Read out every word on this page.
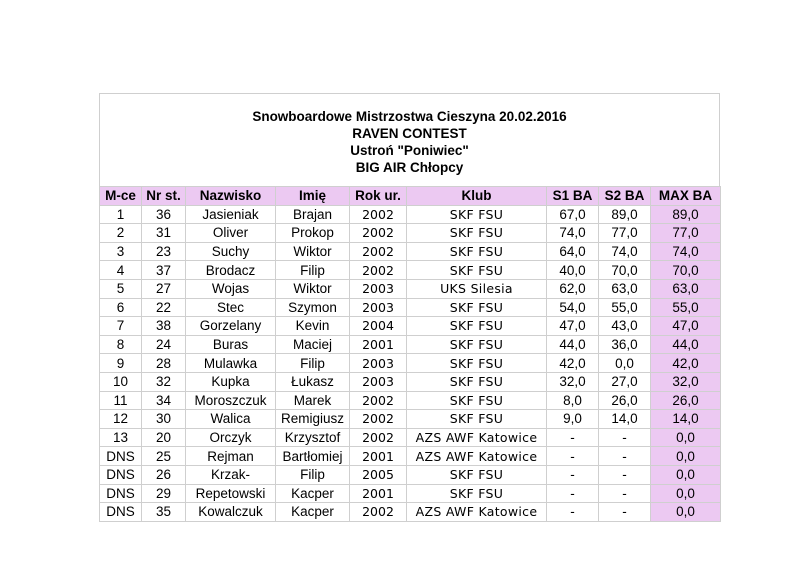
Snowboardowe Mistrzostwa Cieszyna 20.02.2016
RAVEN CONTEST
Ustroń "Poniwiec"
BIG AIR Chłopcy
M-ce	Nr st.	Nazwisko	Imię	Rok ur.	Klub	S1 BA	S2 BA	MAX BA
1	36	Jasieniak	Brajan	2002	SKF FSU	67,0	89,0	89,0
2	31	Oliver	Prokop	2002	SKF FSU	74,0	77,0	77,0
3	23	Suchy	Wiktor	2002	SKF FSU	64,0	74,0	74,0
4	37	Brodacz	Filip	2002	SKF FSU	40,0	70,0	70,0
5	27	Wojas	Wiktor	2003	UKS Silesia	62,0	63,0	63,0
6	22	Stec	Szymon	2003	SKF FSU	54,0	55,0	55,0
7	38	Gorzelany	Kevin	2004	SKF FSU	47,0	43,0	47,0
8	24	Buras	Maciej	2001	SKF FSU	44,0	36,0	44,0
9	28	Mulawka	Filip	2003	SKF FSU	42,0	0,0	42,0
10	32	Kupka	Łukasz	2003	SKF FSU	32,0	27,0	32,0
11	34	Moroszczuk	Marek	2002	SKF FSU	8,0	26,0	26,0
12	30	Walica	Remigiusz	2002	SKF FSU	9,0	14,0	14,0
13	20	Orczyk	Krzysztof	2002	AZS AWF Katowice	-	-	0,0
DNS	25	Rejman	Bartłomiej	2001	AZS AWF Katowice	-	-	0,0
DNS	26	Krzak-	Filip	2005	SKF FSU	-	-	0,0
DNS	29	Repetowski	Kacper	2001	SKF FSU	-	-	0,0
DNS	35	Kowalczuk	Kacper	2002	AZS AWF Katowice	-	-	0,0
